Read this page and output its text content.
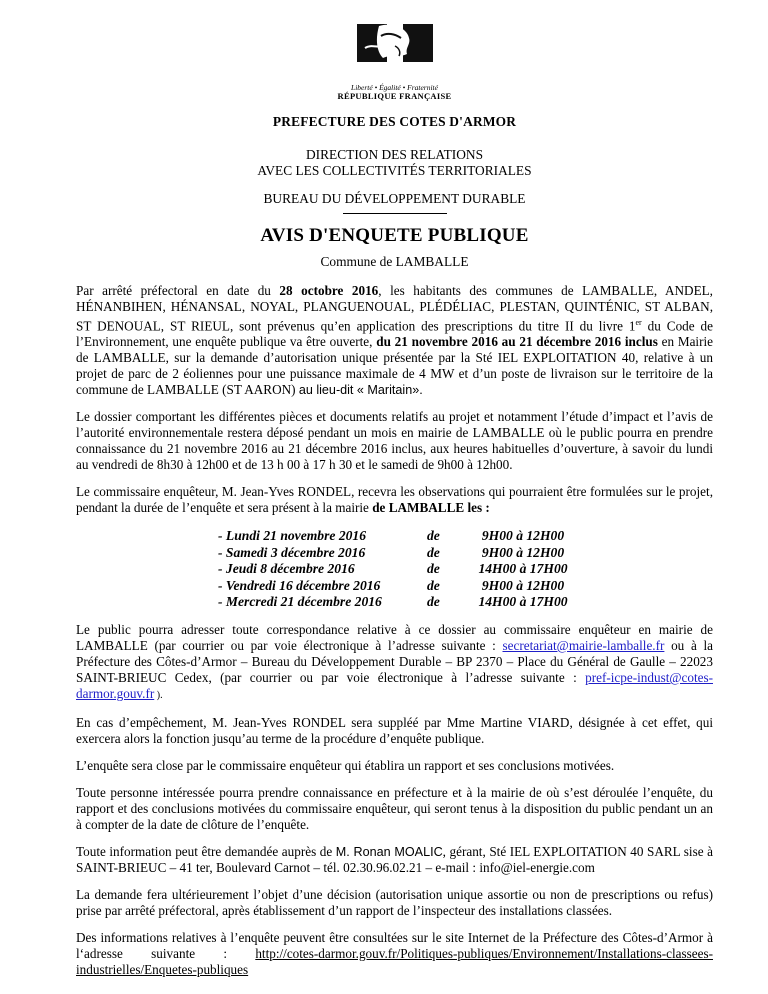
Liberté • Égalité • Fraternité
RÉPUBLIQUE FRANÇAISE
PREFECTURE DES COTES D'ARMOR
DIRECTION DES RELATIONS
AVEC LES COLLECTIVITÉS TERRITORIALES
BUREAU DU DÉVELOPPEMENT DURABLE
AVIS D'ENQUETE PUBLIQUE
Commune de LAMBALLE

Par arrêté préfectoral en date du 28 octobre 2016, les habitants des communes de LAMBALLE, ANDEL, HÉNANBIHEN, HÉNANSAL, NOYAL, PLANGUENOUAL, PLÉDÉLIAC, PLESTAN, QUINTÉNIC, ST ALBAN, ST DENOUAL, ST RIEUL, sont prévenus qu’en application des prescriptions du titre II du livre 1er du Code de l’Environnement, une enquête publique va être ouverte, du 21 novembre 2016 au 21 décembre 2016 inclus en Mairie de LAMBALLE, sur la demande d’autorisation unique présentée par la Sté IEL EXPLOITATION 40, relative à un projet de parc de 2 éoliennes pour une puissance maximale de 4 MW et d’un poste de livraison sur le territoire de la commune de LAMBALLE (ST AARON) au lieu-dit « Maritain».

Le dossier comportant les différentes pièces et documents relatifs au projet et notamment l’étude d’impact et l’avis de l’autorité environnementale restera déposé pendant un mois en mairie de LAMBALLE où le public pourra en prendre connaissance du 21 novembre 2016 au 21 décembre 2016 inclus, aux heures habituelles d’ouverture, à savoir du lundi au vendredi de 8h30 à 12h00 et de 13 h 00 à 17 h 30 et le samedi de 9h00 à 12h00.

Le commissaire enquêteur, M. Jean-Yves RONDEL, recevra les observations qui pourraient être formulées sur le projet, pendant la durée de l’enquête et sera présent à la mairie de LAMBALLE les :

- Lundi 21 novembre 2016	de	9H00 à 12H00
- Samedi 3 décembre 2016	de	9H00 à 12H00
- Jeudi 8 décembre 2016	de	14H00 à 17H00
- Vendredi 16 décembre 2016	de	9H00 à 12H00
- Mercredi 21 décembre 2016	de	14H00 à 17H00

Le public pourra adresser toute correspondance relative à ce dossier au commissaire enquêteur en mairie de LAMBALLE (par courrier ou par voie électronique à l’adresse suivante : secretariat@mairie-lamballe.fr ou à la Préfecture des Côtes-d’Armor – Bureau du Développement Durable – BP 2370 – Place du Général de Gaulle – 22023 SAINT-BRIEUC Cedex, (par courrier ou par voie électronique à l’adresse suivante : pref-icpe-indust@cotes-darmor.gouv.fr ).

En cas d’empêchement, M. Jean-Yves RONDEL sera suppléé par Mme Martine VIARD, désignée à cet effet, qui exercera alors la fonction jusqu’au terme de la procédure d’enquête publique.

L’enquête sera close par le commissaire enquêteur qui établira un rapport et ses conclusions motivées.

Toute personne intéressée pourra prendre connaissance en préfecture et à la mairie de où s’est déroulée l’enquête, du rapport et des conclusions motivées du commissaire enquêteur, qui seront tenus à la disposition du public pendant un an à compter de la date de clôture de l’enquête.

Toute information peut être demandée auprès de M. Ronan MOALIC, gérant, Sté IEL EXPLOITATION 40 SARL sise à SAINT-BRIEUC – 41 ter, Boulevard Carnot – tél. 02.30.96.02.21 – e-mail : info@iel-energie.com

La demande fera ultérieurement l’objet d’une décision (autorisation unique assortie ou non de prescriptions ou refus) prise par arrêté préfectoral, après établissement d’un rapport de l’inspecteur des installations classées.

Des informations relatives à l’enquête peuvent être consultées sur le site Internet de la Préfecture des Côtes-d’Armor à l‘adresse suivante : http://cotes-darmor.gouv.fr/Politiques-publiques/Environnement/Installations-classees-industrielles/Enquetes-publiques
